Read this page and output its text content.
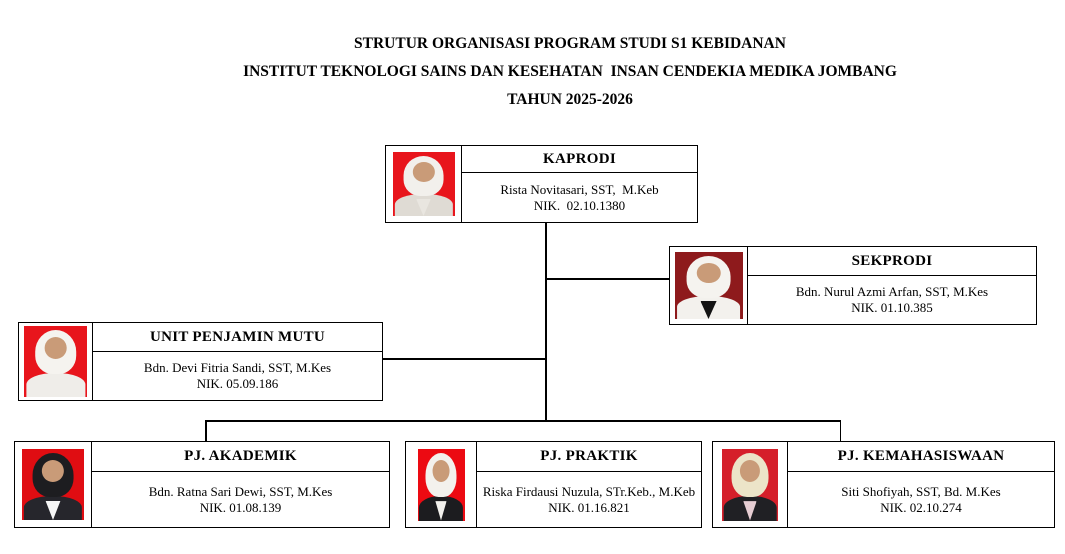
STRUTUR ORGANISASI PROGRAM STUDI S1 KEBIDANAN
INSTITUT TEKNOLOGI SAINS DAN KESEHATAN  INSAN CENDEKIA MEDIKA JOMBANG
TAHUN 2025-2026
KAPRODI
Rista Novitasari, SST,  M.Keb
NIK.  02.10.1380
SEKPRODI
Bdn. Nurul Azmi Arfan, SST, M.Kes
NIK. 01.10.385
UNIT PENJAMIN MUTU
Bdn. Devi Fitria Sandi, SST, M.Kes
NIK. 05.09.186
PJ. AKADEMIK
Bdn. Ratna Sari Dewi, SST, M.Kes
NIK. 01.08.139
PJ. PRAKTIK
Riska Firdausi Nuzula, STr.Keb., M.Keb
NIK. 01.16.821
PJ. KEMAHASISWAAN
Siti Shofiyah, SST, Bd. M.Kes
NIK. 02.10.274
